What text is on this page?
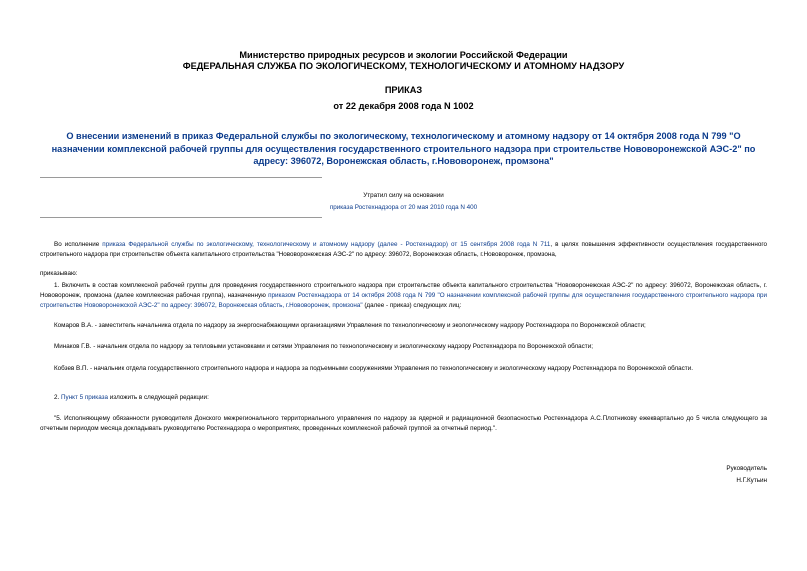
Министерство природных ресурсов и экологии Российской Федерации
ФЕДЕРАЛЬНАЯ СЛУЖБА ПО ЭКОЛОГИЧЕСКОМУ, ТЕХНОЛОГИЧЕСКОМУ И АТОМНОМУ НАДЗОРУ
ПРИКАЗ
от 22 декабря 2008 года N 1002
О внесении изменений в приказ Федеральной службы по экологическому, технологическому и атомному надзору от 14 октября 2008 года N 799 "О назначении комплексной рабочей группы для осуществления государственного строительного надзора при строительстве Нововоронежской АЭС-2" по адресу: 396072, Воронежская область, г.Нововоронеж, промзона"
Утратил силу на основании
приказа Ростехнадзора от 20 мая 2010 года N 400
Во исполнение приказа Федеральной службы по экологическому, технологическому и атомному надзору (далее - Ростехнадзор) от 15 сентября 2008 года N 711, в целях повышения эффективности осуществления государственного строительного надзора при строительстве объекта капитального строительства "Нововоронежская АЭС-2" по адресу: 396072, Воронежская область, г.Нововоронеж, промзона,
приказываю:
1. Включить в состав комплексной рабочей группы для проведения государственного строительного надзора при строительстве объекта капитального строительства "Нововоронежская АЭС-2" по адресу: 396072, Воронежская область, г. Нововоронеж, промзона (далее комплексная рабочая группа), назначенную приказом Ростехнадзора от 14 октября 2008 года N 799 "О назначении комплексной рабочей группы для осуществления государственного строительного надзора при строительстве Нововоронежской АЭС-2" по адресу: 396072, Воронежская область, г.Нововоронеж, промзона" (далее - приказ) следующих лиц:
Комаров В.А. - заместитель начальника отдела по надзору за энергоснабжающими организациями Управления по технологическому и экологическому надзору Ростехнадзора по Воронежской области;
Минаков Г.В. - начальник отдела по надзору за тепловыми установками и сетями Управления по технологическому и экологическому надзору Ростехнадзора по Воронежской области;
Кобзев В.П. - начальник отдела государственного строительного надзора и надзора за подъемными сооружениями Управления по технологическому и экологическому надзору Ростехнадзора по Воронежской области.
2. Пункт 5 приказа изложить в следующей редакции:
"5. Исполняющему обязанности руководителя Донского межрегионального территориального управления по надзору за ядерной и радиационной безопасностью Ростехнадзора А.С.Плотникову ежеквартально до 5 числа следующего за отчетным периодом месяца докладывать руководителю Ростехнадзора о мероприятиях, проведенных комплексной рабочей группой за отчетный период.".
Руководитель
Н.Г.Кутьин
